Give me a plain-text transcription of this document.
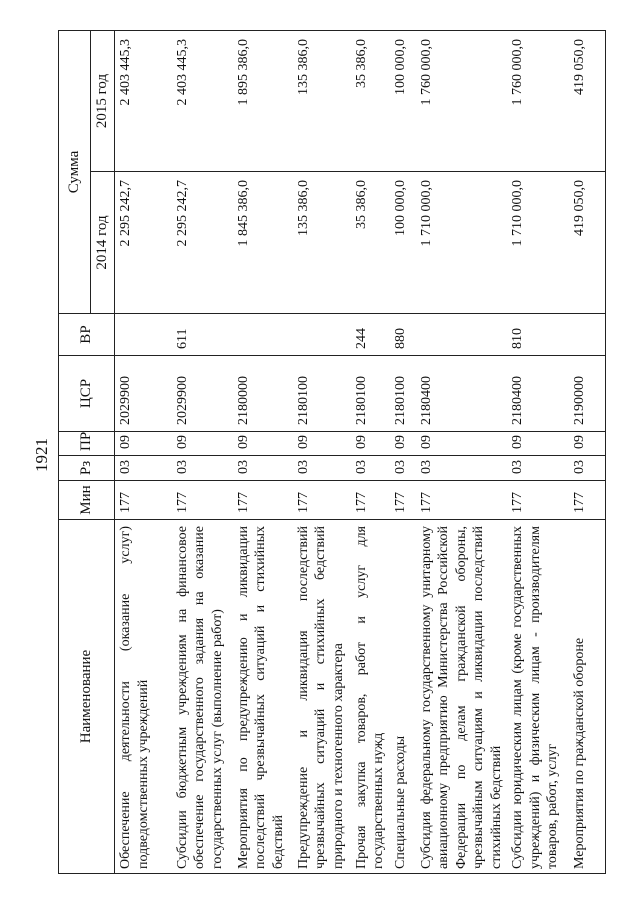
1921
Наименование	Мин	Рз	ПР	ЦСР	ВР	Сумма	
						2014 год	2015 год
Обеспечение деятельности (оказание услуг) подведомственных учреждений	177	03	09	2029900		2 295 242,7	2 403 445,3
Субсидии бюджетным учреждениям на финансовое обеспечение государственного задания на оказание государственных услуг (выполнение работ)	177	03	09	2029900	611	2 295 242,7	2 403 445,3
Мероприятия по предупреждению и ликвидации последствий чрезвычайных ситуаций и стихийных бедствий	177	03	09	2180000		1 845 386,0	1 895 386,0
Предупреждение и ликвидация последствий чрезвычайных ситуаций и стихийных бедствий природного и техногенного характера	177	03	09	2180100		135 386,0	135 386,0
Прочая закупка товаров, работ и услуг для государственных нужд	177	03	09	2180100	244	35 386,0	35 386,0
Специальные расходы	177	03	09	2180100	880	100 000,0	100 000,0
Субсидия федеральному государственному унитарному авиационному предприятию Министерства Российской Федерации по делам гражданской обороны, чрезвычайным ситуациям и ликвидации последствий стихийных бедствий	177	03	09	2180400		1 710 000,0	1 760 000,0
Субсидии юридическим лицам (кроме государственных учреждений) и физическим лицам - производителям товаров, работ, услуг	177	03	09	2180400	810	1 710 000,0	1 760 000,0
Мероприятия по гражданской обороне	177	03	09	2190000		419 050,0	419 050,0
